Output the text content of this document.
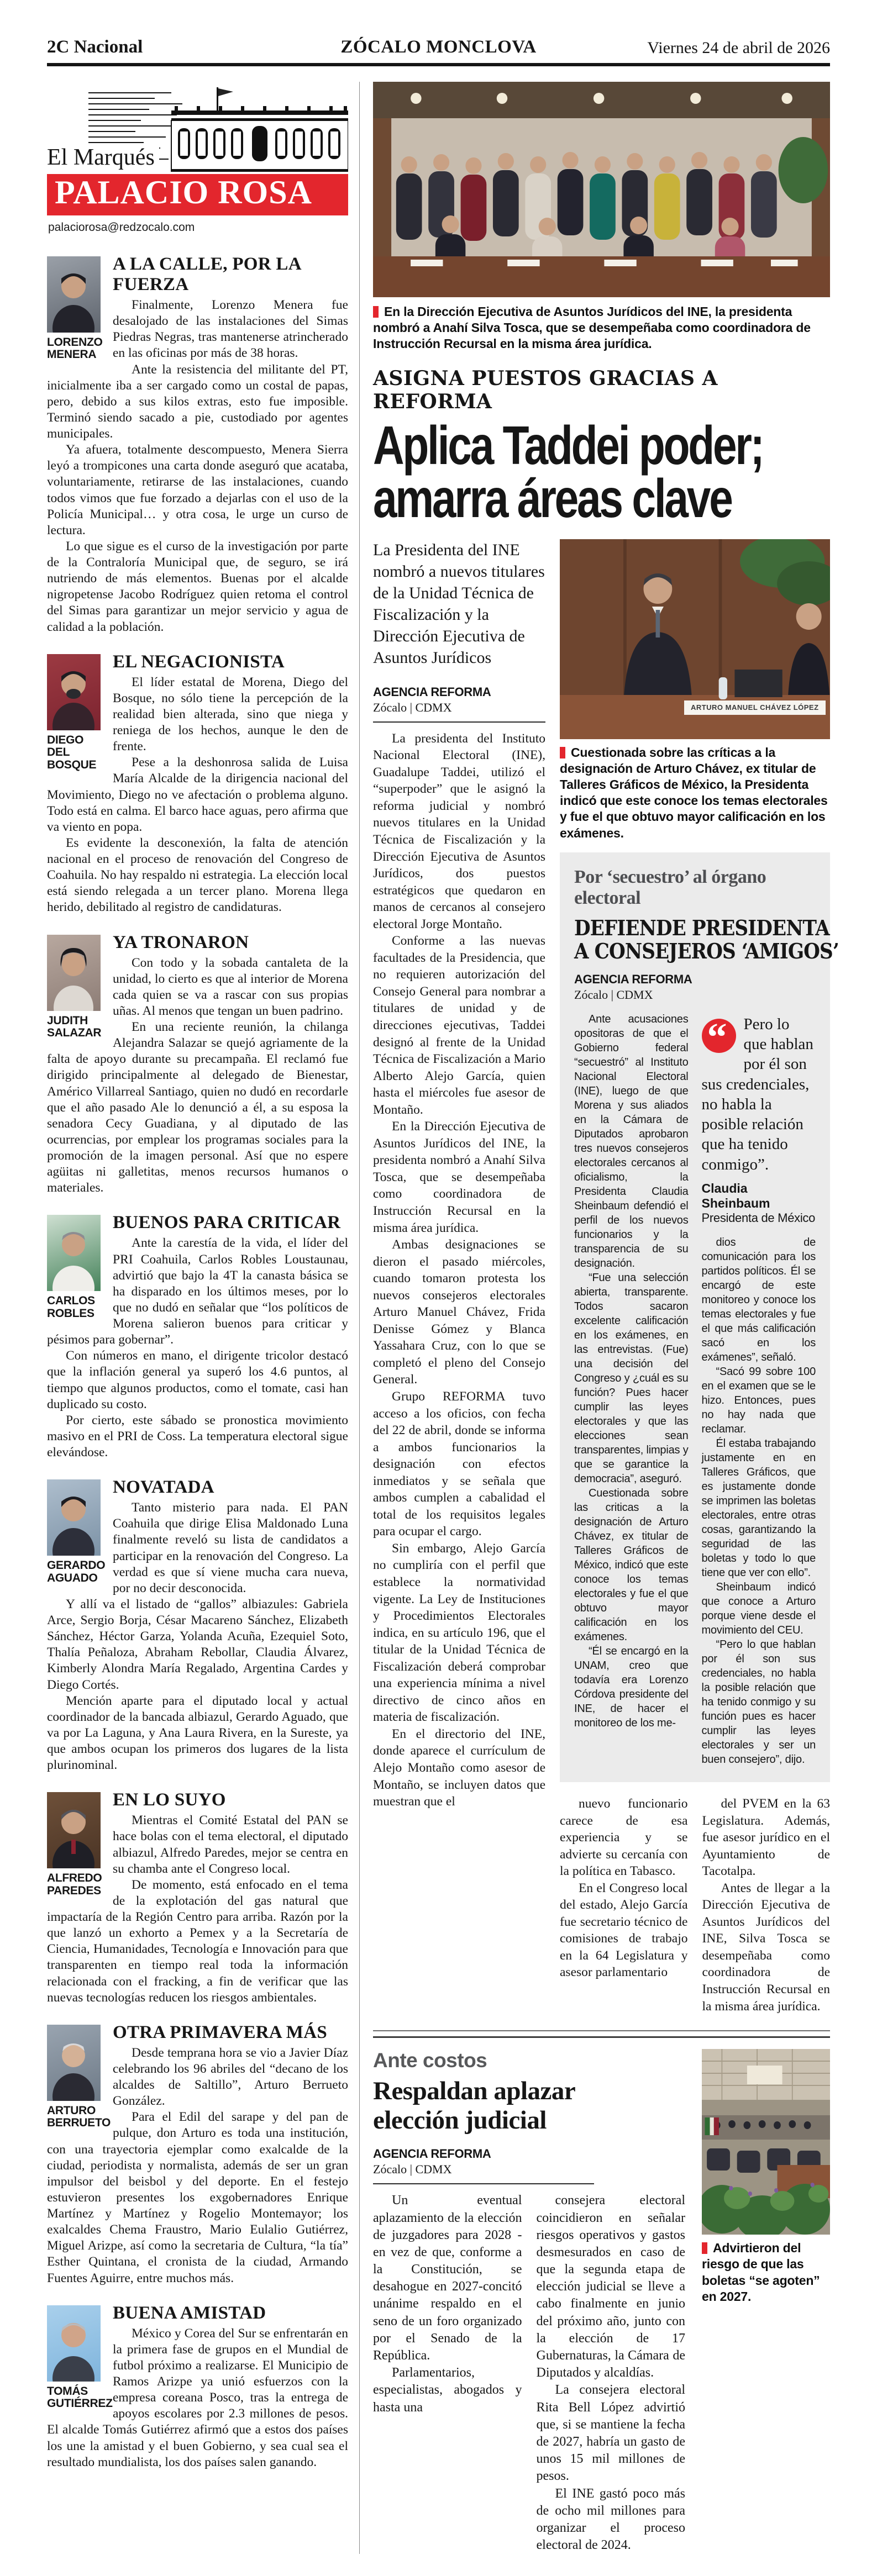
2C Nacional	ZÓCALO MONCLOVA	Viernes 24 de abril de 2026
El Marqués
PALACIO ROSA
palaciorosa@redzocalo.com
LORENZO MENERA
A LA CALLE, POR LA FUERZA

Finalmente, Lorenzo Menera fue desalojado de las instalaciones del Simas Piedras Negras, tras mantenerse atrincherado en las oficinas por más de 38 horas.

Ante la resistencia del militante del PT, inicialmente iba a ser cargado como un costal de papas, pero, debido a sus kilos extras, esto fue imposible. Terminó siendo sacado a pie, custodiado por agentes municipales.

Ya afuera, totalmente descompuesto, Menera Sierra leyó a trompicones una carta donde aseguró que acataba, voluntariamente, retirarse de las instalaciones, cuando todos vimos que fue forzado a dejarlas con el uso de la Policía Municipal… y otra cosa, le urge un curso de lectura.

Lo que sigue es el curso de la investigación por parte de la Contraloría Municipal que, de seguro, se irá nutriendo de más elementos. Buenas por el alcalde nigropetense Jacobo Rodríguez quien retoma el control del Simas para garantizar un mejor servicio y agua de calidad a la población.

DIEGO DEL BOSQUE
EL NEGACIONISTA

El líder estatal de Morena, Diego del Bosque, no sólo tiene la percepción de la realidad bien alterada, sino que niega y reniega de los hechos, aunque le den de frente.

Pese a la deshonrosa salida de Luisa María Alcalde de la dirigencia nacional del Movimiento, Diego no ve afectación o problema alguno. Todo está en calma. El barco hace aguas, pero afirma que va viento en popa.

Es evidente la desconexión, la falta de atención nacional en el proceso de renovación del Congreso de Coahuila. No hay respaldo ni estrategia. La elección local está siendo relegada a un tercer plano. Morena llega herido, debilitado al registro de candidaturas.

JUDITH SALAZAR
YA TRONARON

Con todo y la sobada cantaleta de la unidad, lo cierto es que al interior de Morena cada quien se va a rascar con sus propias uñas. Al menos que tengan un buen padrino.

En una reciente reunión, la chilanga Alejandra Salazar se quejó agriamente de la falta de apoyo durante su precampaña. El reclamó fue dirigido principalmente al delegado de Bienestar, Américo Villarreal Santiago, quien no dudó en recordarle que el año pasado Ale lo denunció a él, a su esposa la senadora Cecy Guadiana, y al diputado de las ocurrencias, por emplear los programas sociales para la promoción de la imagen personal. Así que no espere agüitas ni galletitas, menos recursos humanos o materiales.

CARLOS ROBLES
BUENOS PARA CRITICAR

Ante la carestía de la vida, el líder del PRI Coahuila, Carlos Robles Loustaunau, advirtió que bajo la 4T la canasta básica se ha disparado en los últimos meses, por lo que no dudó en señalar que “los políticos de Morena salieron buenos para criticar y pésimos para gobernar”.

Con números en mano, el dirigente tricolor destacó que la inflación general ya superó los 4.6 puntos, al tiempo que algunos productos, como el tomate, casi han duplicado su costo.

Por cierto, este sábado se pronostica movimiento masivo en el PRI de Coss. La temperatura electoral sigue elevándose.

GERARDO AGUADO
NOVATADA

Tanto misterio para nada. El PAN Coahuila que dirige Elisa Maldonado Luna finalmente reveló su lista de candidatos a participar en la renovación del Congreso. La verdad es que sí viene mucha cara nueva, por no decir desconocida.

Y allí va el listado de “gallos” albiazules: Gabriela Arce, Sergio Borja, César Macareno Sánchez, Elizabeth Sánchez, Héctor Garza, Yolanda Acuña, Ezequiel Soto, Thalía Peñaloza, Abraham Rebollar, Claudia Álvarez, Kimberly Alondra María Regalado, Argentina Cardes y Diego Cortés.

Mención aparte para el diputado local y actual coordinador de la bancada albiazul, Gerardo Aguado, que va por La Laguna, y Ana Laura Rivera, en la Sureste, ya que ambos ocupan los primeros dos lugares de la lista plurinominal.

ALFREDO PAREDES
EN LO SUYO

Mientras el Comité Estatal del PAN se hace bolas con el tema electoral, el diputado albiazul, Alfredo Paredes, mejor se centra en su chamba ante el Congreso local.

De momento, está enfocado en el tema de la explotación del gas natural que impactaría de la Región Centro para arriba. Razón por la que lanzó un exhorto a Pemex y a la Secretaría de Ciencia, Humanidades, Tecnología e Innovación para que transparenten en tiempo real toda la información relacionada con el fracking, a fin de verificar que las nuevas tecnologías reducen los riesgos ambientales.

ARTURO BERRUETO
OTRA PRIMAVERA MÁS

Desde temprana hora se vio a Javier Díaz celebrando los 96 abriles del “decano de los alcaldes de Saltillo”, Arturo Berrueto González.

Para el Edil del sarape y del pan de pulque, don Arturo es toda una institución, con una trayectoria ejemplar como exalcalde de la ciudad, periodista y normalista, además de ser un gran impulsor del beisbol y del deporte. En el festejo estuvieron presentes los exgobernadores Enrique Martínez y Martínez y Rogelio Montemayor; los exalcaldes Chema Fraustro, Mario Eulalio Gutiérrez, Miguel Arizpe, así como la secretaria de Cultura, “la tía” Esther Quintana, el cronista de la ciudad, Armando Fuentes Aguirre, entre muchos más.

TOMÁS GUTIÉRREZ
BUENA AMISTAD

México y Corea del Sur se enfrentarán en la primera fase de grupos en el Mundial de futbol próximo a realizarse. El Municipio de Ramos Arizpe ya unió esfuerzos con la empresa coreana Posco, tras la entrega de apoyos escolares por 2.3 millones de pesos. El alcalde Tomás Gutiérrez afirmó que a estos dos países los une la amistad y el buen Gobierno, y sea cual sea el resultado mundialista, los dos países salen ganando.

En la Dirección Ejecutiva de Asuntos Jurídicos del INE, la presidenta nombró a Anahí Silva Tosca, que se desempeñaba como coordinadora de Instrucción Recursal en la misma área jurídica.
ASIGNA PUESTOS GRACIAS A REFORMA
Aplica Taddei poder;
amarra áreas clave
La Presidenta del INE nombró a nuevos titulares de la Unidad Técnica de Fiscalización y la Dirección Ejecutiva de Asuntos Jurídicos
AGENCIA REFORMA
Zócalo | CDMX

La presidenta del Instituto Nacional Electoral (INE), Guadalupe Taddei, utilizó el “superpoder” que le asignó la reforma judicial y nombró nuevos titulares en la Unidad Técnica de Fiscalización y la Dirección Ejecutiva de Asuntos Jurídicos, dos puestos estratégicos que quedaron en manos de cercanos al consejero electoral Jorge Montaño.

Conforme a las nuevas facultades de la Presidencia, que no requieren autorización del Consejo General para nombrar a titulares de unidad y de direcciones ejecutivas, Taddei designó al frente de la Unidad Técnica de Fiscalización a Mario Alberto Alejo García, quien hasta el miércoles fue asesor de Montaño.

En la Dirección Ejecutiva de Asuntos Jurídicos del INE, la presidenta nombró a Anahí Silva Tosca, que se desempeñaba como coordinadora de Instrucción Recursal en la misma área jurídica.

Ambas designaciones se dieron el pasado miércoles, cuando tomaron protesta los nuevos consejeros electorales Arturo Manuel Chávez, Frida Denisse Gómez y Blanca Yassahara Cruz, con lo que se completó el pleno del Consejo General.

Grupo REFORMA tuvo acceso a los oficios, con fecha del 22 de abril, donde se informa a ambos funcionarios la designación con efectos inmediatos y se señala que ambos cumplen a cabalidad el total de los requisitos legales para ocupar el cargo.

Sin embargo, Alejo García no cumpliría con el perfil que establece la normatividad vigente. La Ley de Instituciones y Procedimientos Electorales indica, en su artículo 196, que el titular de la Unidad Técnica de Fiscalización deberá comprobar una experiencia mínima a nivel directivo de cinco años en materia de fiscalización.

En el directorio del INE, donde aparece el currículum de Alejo Montaño como asesor de Montaño, se incluyen datos que muestran que el

ARTURO MANUEL CHÁVEZ LÓPEZ
Cuestionada sobre las críticas a la designación de Arturo Chávez, ex titular de Talleres Gráficos de México, la Presidenta indicó que este conoce los temas electorales y fue el que obtuvo mayor calificación en los exámenes.
Por ‘secuestro’ al órgano electoral
DEFIENDE PRESIDENTA
A CONSEJEROS ‘AMIGOS’
AGENCIA REFORMA
Zócalo | CDMX

Ante acusaciones opositoras de que el Gobierno federal “secuestró” al Instituto Nacional Electoral (INE), luego de que Morena y sus aliados en la Cámara de Diputados aprobaron tres nuevos consejeros electorales cercanos al oficialismo, la Presidenta Claudia Sheinbaum defendió el perfil de los nuevos funcionarios y la transparencia de su designación.

“Fue una selección abierta, transparente. Todos sacaron excelente calificación en los exámenes, en las entrevistas. (Fue) una decisión del Congreso y ¿cuál es su función? Pues hacer cumplir las leyes electorales y que las elecciones sean transparentes, limpias y que se garantice la democracia”, aseguró.

Cuestionada sobre las criticas a la designación de Arturo Chávez, ex titular de Talleres Gráficos de México, indicó que este conoce los temas electorales y fue el que obtuvo mayor calificación en los exámenes.

“Él se encargó en la UNAM, creo que todavía era Lorenzo Córdova presidente del INE, de hacer el monitoreo de los me-

“	Pero lo que hablan por él son sus credenciales, no habla la posible relación que ha tenido conmigo”.
Claudia Sheinbaum
Presidenta de México

dios de comunicación para los partidos políticos. Él se encargó de este monitoreo y conoce los temas electorales y fue el que más calificación sacó en los exámenes”, señaló.

“Sacó 99 sobre 100 en el examen que se le hizo. Entonces, pues no hay nada que reclamar.

Él estaba trabajando justamente en en Talleres Gráficos, que es justamente donde se imprimen las boletas electorales, entre otras cosas, garantizando la seguridad de las boletas y todo lo que tiene que ver con ello”.

Sheinbaum indicó que conoce a Arturo porque viene desde el movimiento del CEU.

“Pero lo que hablan por él son sus credenciales, no habla la posible relación que ha tenido conmigo y su función pues es hacer cumplir las leyes electorales y ser un buen consejero”, dijo.

nuevo funcionario carece de esa experiencia y se advierte su cercanía con la política en Tabasco.

En el Congreso local del estado, Alejo García fue secretario técnico de comisiones de trabajo en la 64 Legislatura y asesor parlamentario

del PVEM en la 63 Legislatura. Además, fue asesor jurídico en el Ayuntamiento de Tacotalpa.

Antes de llegar a la Dirección Ejecutiva de Asuntos Jurídicos del INE, Silva Tosca se desempeñaba como coordinadora de Instrucción Recursal en la misma área jurídica.

Ante costos
Respaldan aplazar
elección judicial
AGENCIA REFORMA
Zócalo | CDMX

Un eventual aplazamiento de la elección de juzgadores para 2028 -en vez de que, conforme a la Constitución, se desahogue en 2027-concitó unánime respaldo en el seno de un foro organizado por el Senado de la República.

Parlamentarios, especialistas, abogados y hasta una

consejera electoral coincidieron en señalar riesgos operativos y gastos desmesurados en caso de que la segunda etapa de elección judicial se lleve a cabo finalmente en junio del próximo año, junto con la elección de 17 Gubernaturas, la Cámara de Diputados y alcaldías.

La consejera electoral Rita Bell López advirtió que, si se mantiene la fecha de 2027, habría un gasto de unos 15 mil millones de pesos.

El INE gastó poco más de ocho mil millones para organizar el proceso electoral de 2024.

Advirtieron del riesgo de que las boletas “se agoten” en 2027.
